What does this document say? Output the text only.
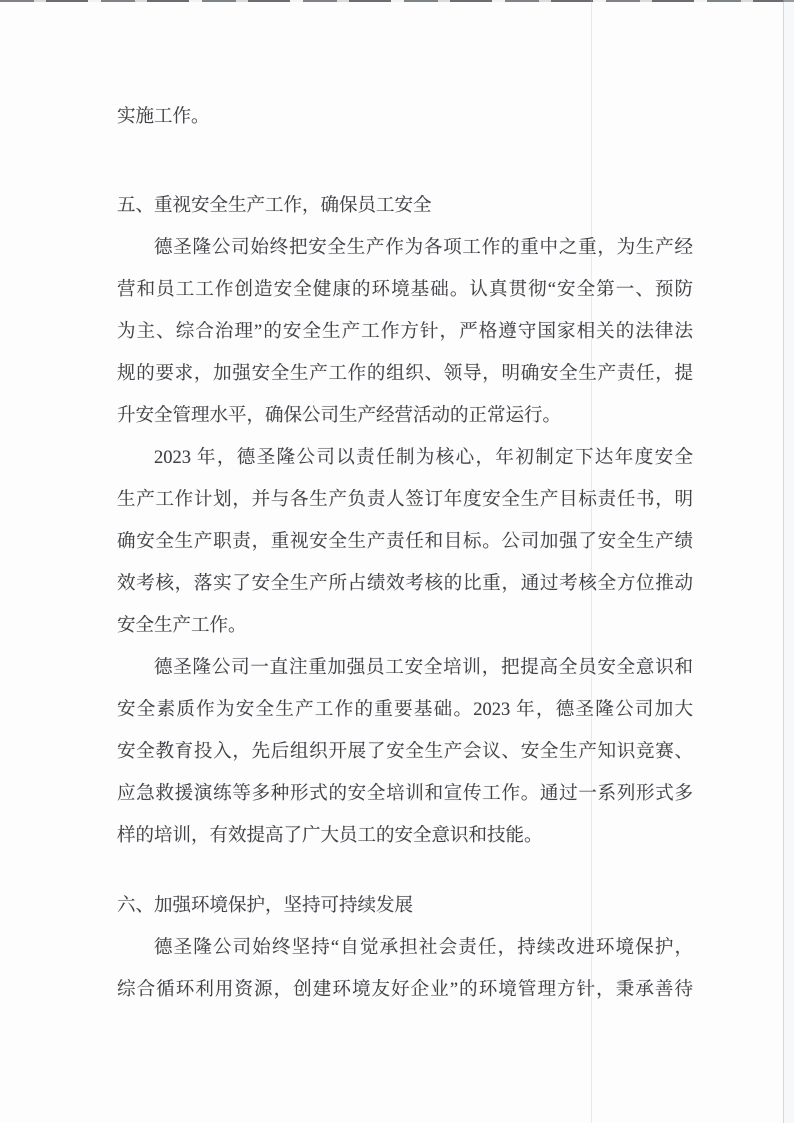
实施工作。
五、重视安全生产工作，确保员工安全
德圣隆公司始终把安全生产作为各项工作的重中之重，为生产经
营和员工工作创造安全健康的环境基础。认真贯彻“安全第一、预防
为主、综合治理”的安全生产工作方针，严格遵守国家相关的法律法
规的要求，加强安全生产工作的组织、领导，明确安全生产责任，提
升安全管理水平，确保公司生产经营活动的正常运行。
2023 年，德圣隆公司以责任制为核心，年初制定下达年度安全
生产工作计划，并与各生产负责人签订年度安全生产目标责任书，明
确安全生产职责，重视安全生产责任和目标。公司加强了安全生产绩
效考核，落实了安全生产所占绩效考核的比重，通过考核全方位推动
安全生产工作。
德圣隆公司一直注重加强员工安全培训，把提高全员安全意识和
安全素质作为安全生产工作的重要基础。2023 年，德圣隆公司加大
安全教育投入，先后组织开展了安全生产会议、安全生产知识竞赛、
应急救援演练等多种形式的安全培训和宣传工作。通过一系列形式多
样的培训，有效提高了广大员工的安全意识和技能。
六、加强环境保护，坚持可持续发展
德圣隆公司始终坚持“自觉承担社会责任，持续改进环境保护，
综合循环利用资源，创建环境友好企业”的环境管理方针，秉承善待
